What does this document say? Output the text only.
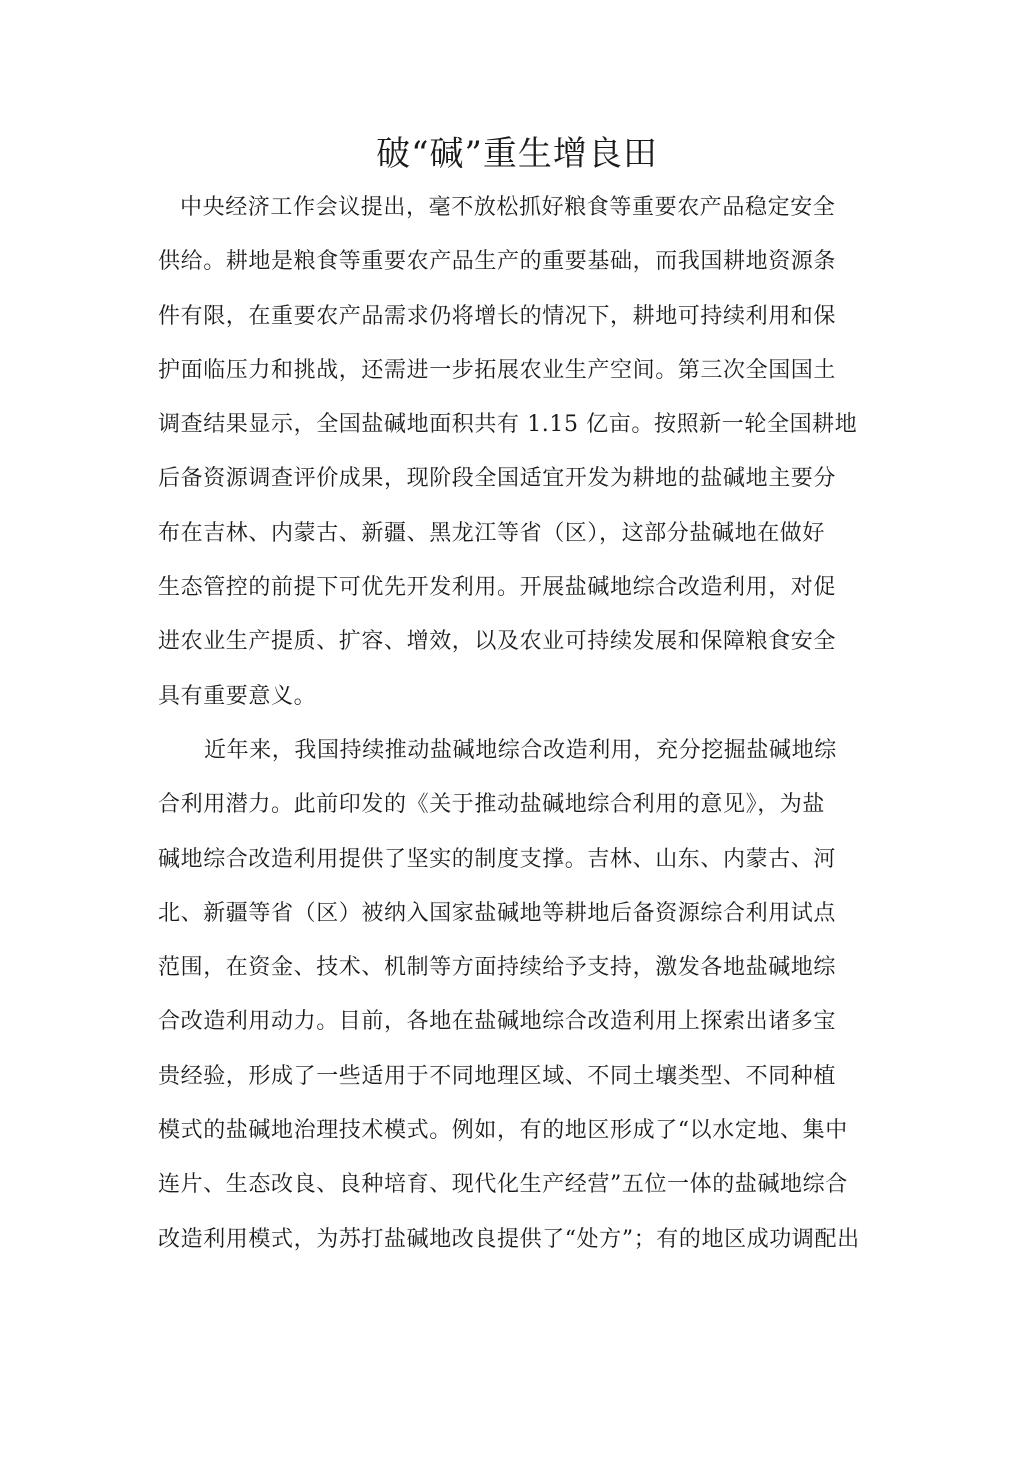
破“碱”重生增良田
中央经济工作会议提出，毫不放松抓好粮食等重要农产品稳定安全
供给。耕地是粮食等重要农产品生产的重要基础，而我国耕地资源条
件有限，在重要农产品需求仍将增长的情况下，耕地可持续利用和保
护面临压力和挑战，还需进一步拓展农业生产空间。第三次全国国土
调查结果显示，全国盐碱地面积共有 1.15 亿亩。按照新一轮全国耕地
后备资源调查评价成果，现阶段全国适宜开发为耕地的盐碱地主要分
布在吉林、内蒙古、新疆、黑龙江等省（区），这部分盐碱地在做好
生态管控的前提下可优先开发利用。开展盐碱地综合改造利用，对促
进农业生产提质、扩容、增效，以及农业可持续发展和保障粮食安全
具有重要意义。
近年来，我国持续推动盐碱地综合改造利用，充分挖掘盐碱地综
合利用潜力。此前印发的《关于推动盐碱地综合利用的意见》，为盐
碱地综合改造利用提供了坚实的制度支撑。吉林、山东、内蒙古、河
北、新疆等省（区）被纳入国家盐碱地等耕地后备资源综合利用试点
范围，在资金、技术、机制等方面持续给予支持，激发各地盐碱地综
合改造利用动力。目前，各地在盐碱地综合改造利用上探索出诸多宝
贵经验，形成了一些适用于不同地理区域、不同土壤类型、不同种植
模式的盐碱地治理技术模式。例如，有的地区形成了“以水定地、集中
连片、生态改良、良种培育、现代化生产经营”五位一体的盐碱地综合
改造利用模式，为苏打盐碱地改良提供了“处方”；有的地区成功调配出
